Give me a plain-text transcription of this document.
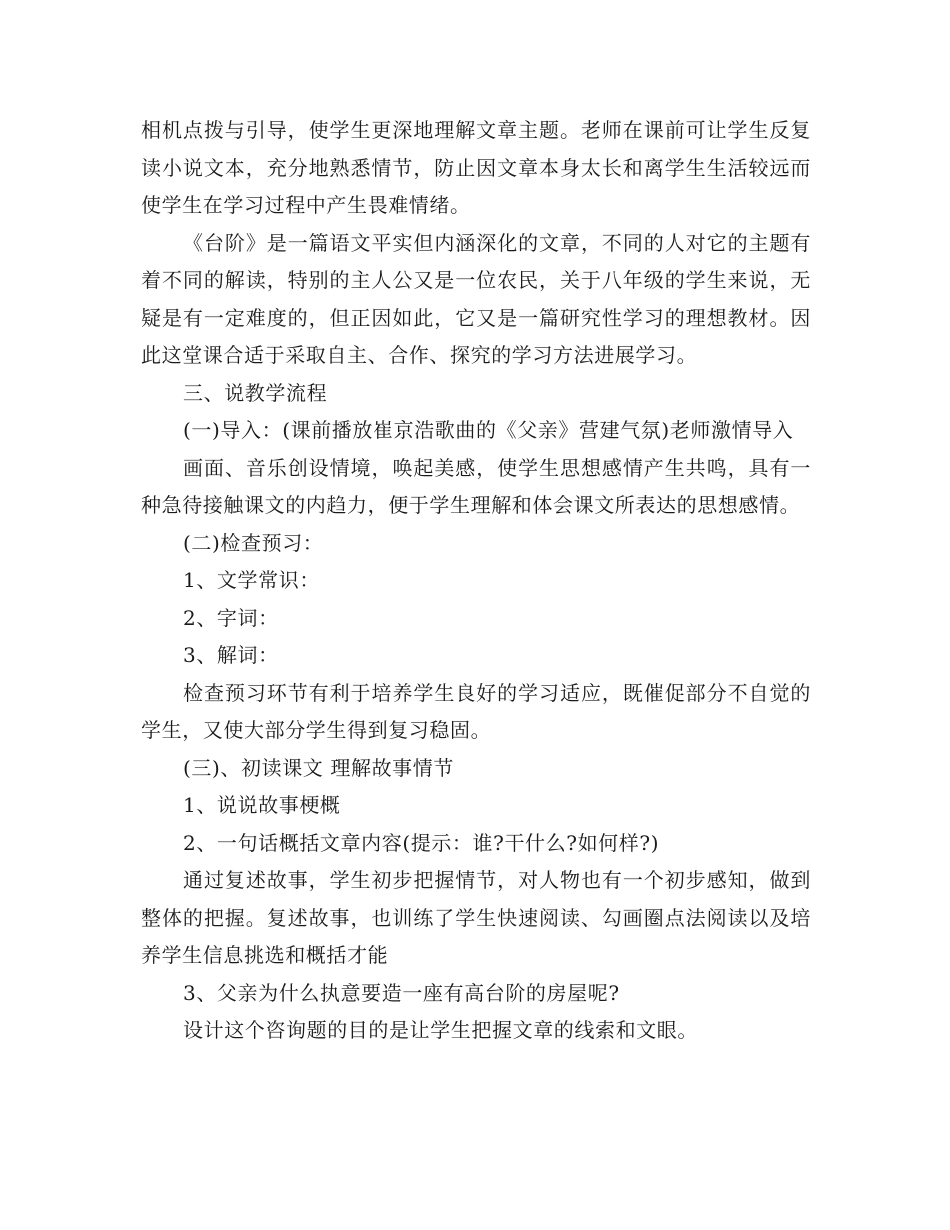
相机点拨与引导，使学生更深地理解文章主题。老师在课前可让学生反复读小说文本，充分地熟悉情节，防止因文章本身太长和离学生生活较远而使学生在学习过程中产生畏难情绪。

《台阶》是一篇语文平实但内涵深化的文章，不同的人对它的主题有着不同的解读，特别的主人公又是一位农民，关于八年级的学生来说，无疑是有一定难度的，但正因如此，它又是一篇研究性学习的理想教材。因此这堂课合适于采取自主、合作、探究的学习方法进展学习。

三、说教学流程

(一)导入：(课前播放崔京浩歌曲的《父亲》营建气氛)老师激情导入

画面、音乐创设情境，唤起美感，使学生思想感情产生共鸣，具有一种急待接触课文的内趋力，便于学生理解和体会课文所表达的思想感情。

(二)检查预习：

1、文学常识：

2、字词：

3、解词：

检查预习环节有利于培养学生良好的学习适应，既催促部分不自觉的学生，又使大部分学生得到复习稳固。

(三)、初读课文 理解故事情节

1、说说故事梗概

2、一句话概括文章内容(提示：谁?干什么?如何样?)

通过复述故事，学生初步把握情节，对人物也有一个初步感知，做到整体的把握。复述故事，也训练了学生快速阅读、勾画圈点法阅读以及培养学生信息挑选和概括才能

3、父亲为什么执意要造一座有高台阶的房屋呢?

设计这个咨询题的目的是让学生把握文章的线索和文眼。
